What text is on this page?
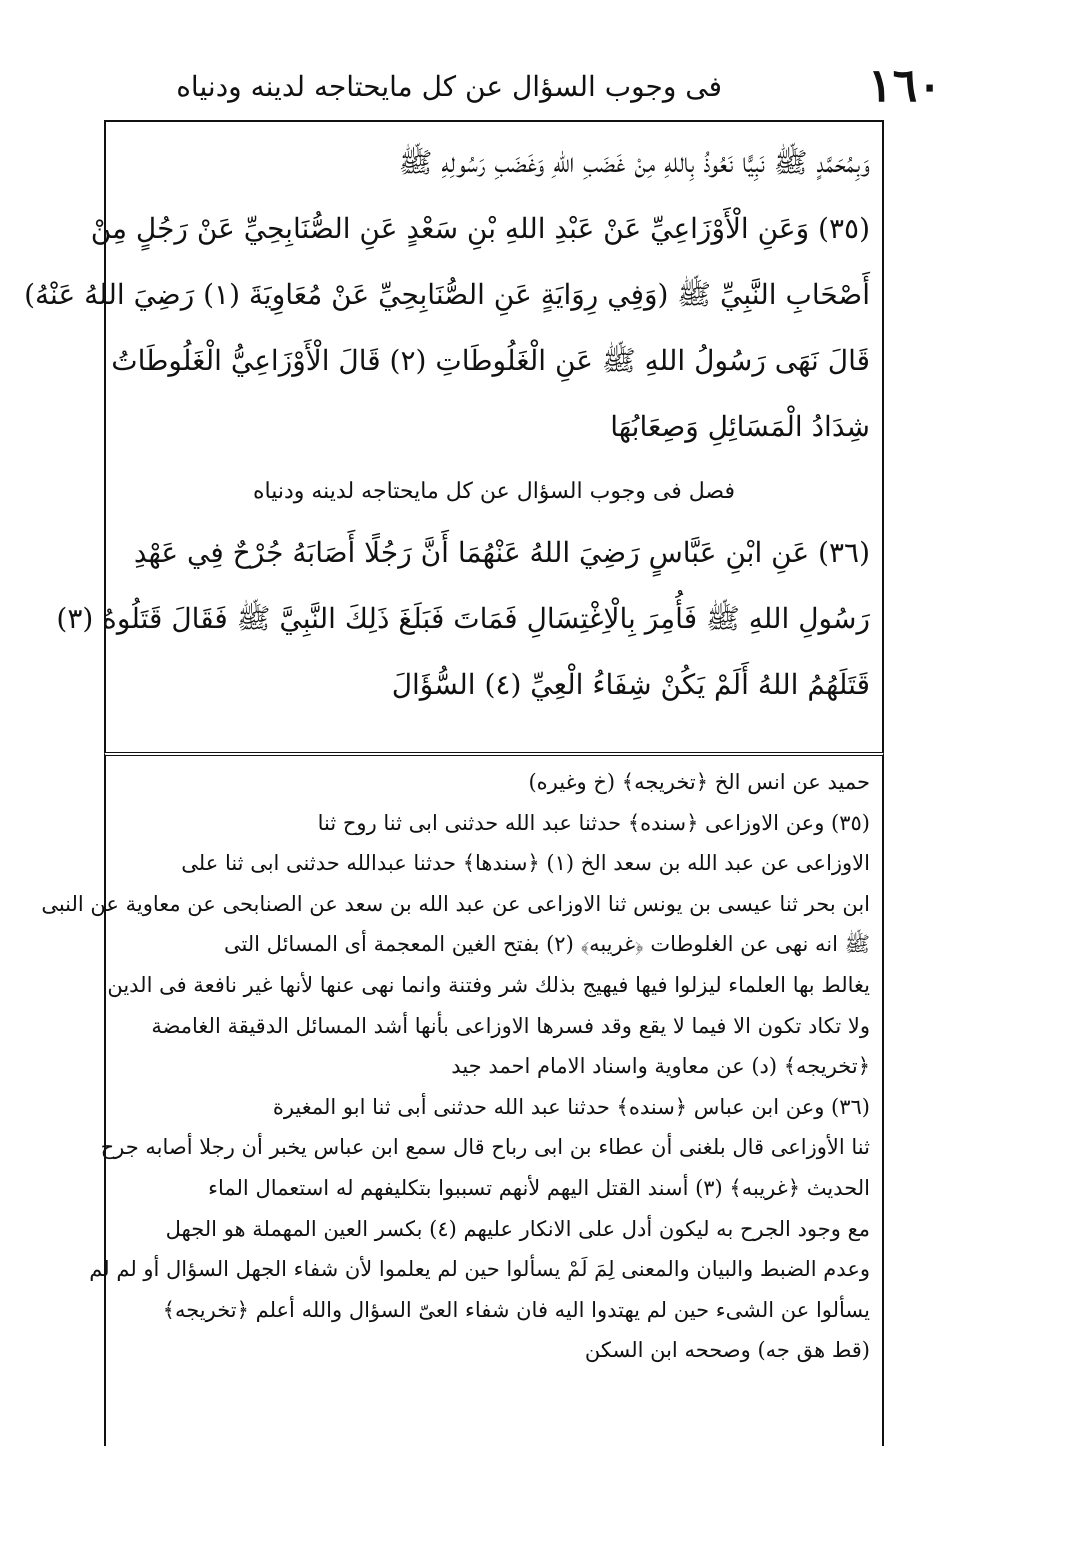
١٦٠
فى وجوب السؤال عن كل مايحتاجه لدينه ودنياه
وَبِمُحَمَّدٍ ﷺ نَبِيًّا نَعُوذُ بِاللهِ مِنْ غَضَبِ اللهِ وَغَضَبِ رَسُولِهِ ﷺ
(٣٥) وَعَنِ الْأَوْزَاعِيِّ عَنْ عَبْدِ اللهِ بْنِ سَعْدٍ عَنِ الصُّنَابِحِيِّ عَنْ رَجُلٍ مِنْ
أَصْحَابِ النَّبِيِّ ﷺ (وَفِي رِوَايَةٍ عَنِ الصُّنَابِحِيِّ عَنْ مُعَاوِيَةَ (١) رَضِيَ اللهُ عَنْهُ)
قَالَ نَهَى رَسُولُ اللهِ ﷺ عَنِ الْغَلُوطَاتِ (٢) قَالَ الْأَوْزَاعِيُّ الْغَلُوطَاتُ
شِدَادُ الْمَسَائِلِ وَصِعَابُهَا
فصل فى وجوب السؤال عن كل مايحتاجه لدينه ودنياه
(٣٦) عَنِ ابْنِ عَبَّاسٍ رَضِيَ اللهُ عَنْهُمَا أَنَّ رَجُلًا أَصَابَهُ جُرْحٌ فِي عَهْدِ
رَسُولِ اللهِ ﷺ فَأُمِرَ بِالْاِغْتِسَالِ فَمَاتَ فَبَلَغَ ذَلِكَ النَّبِيَّ ﷺ فَقَالَ قَتَلُوهُ (٣)
قَتَلَهُمُ اللهُ أَلَمْ يَكُنْ شِفَاءُ الْعِيِّ (٤) السُّؤَالَ
حميد عن انس الخ ﴿تخريجه﴾ (خ وغيره)
(٣٥) وعن الاوزاعى ﴿سنده﴾ حدثنا عبد الله حدثنى ابى ثنا روح ثنا
الاوزاعى عن عبد الله بن سعد الخ (١) ﴿سندها﴾ حدثنا عبدالله حدثنى ابى ثنا على
ابن بحر ثنا عيسى بن يونس ثنا الاوزاعى عن عبد الله بن سعد عن الصنابحى عن معاوية عن النبى
ﷺ انه نهى عن الغلوطات ﴿غريبه﴾ (٢) بفتح الغين المعجمة أى المسائل التى
يغالط بها العلماء ليزلوا فيها فيهيج بذلك شر وفتنة وانما نهى عنها لأنها غير نافعة فى الدين
ولا تكاد تكون الا فيما لا يقع وقد فسرها الاوزاعى بأنها أشد المسائل الدقيقة الغامضة
﴿تخريجه﴾ (د) عن معاوية واسناد الامام احمد جيد
(٣٦) وعن ابن عباس ﴿سنده﴾ حدثنا عبد الله حدثنى أبى ثنا ابو المغيرة
ثنا الأوزاعى قال بلغنى أن عطاء بن ابى رباح قال سمع ابن عباس يخبر أن رجلا أصابه جرح
الحديث ﴿غريبه﴾ (٣) أسند القتل اليهم لأنهم تسببوا بتكليفهم له استعمال الماء
مع وجود الجرح به ليكون أدل على الانكار عليهم (٤) بكسر العين المهملة هو الجهل
وعدم الضبط والبيان والمعنى لِمَ لَمْ يسألوا حين لم يعلموا لأن شفاء الجهل السؤال أو لم لم
يسألوا عن الشىء حين لم يهتدوا اليه فان شفاء العىّ السؤال والله أعلم ﴿تخريجه﴾
(قط هق جه) وصححه ابن السكن
